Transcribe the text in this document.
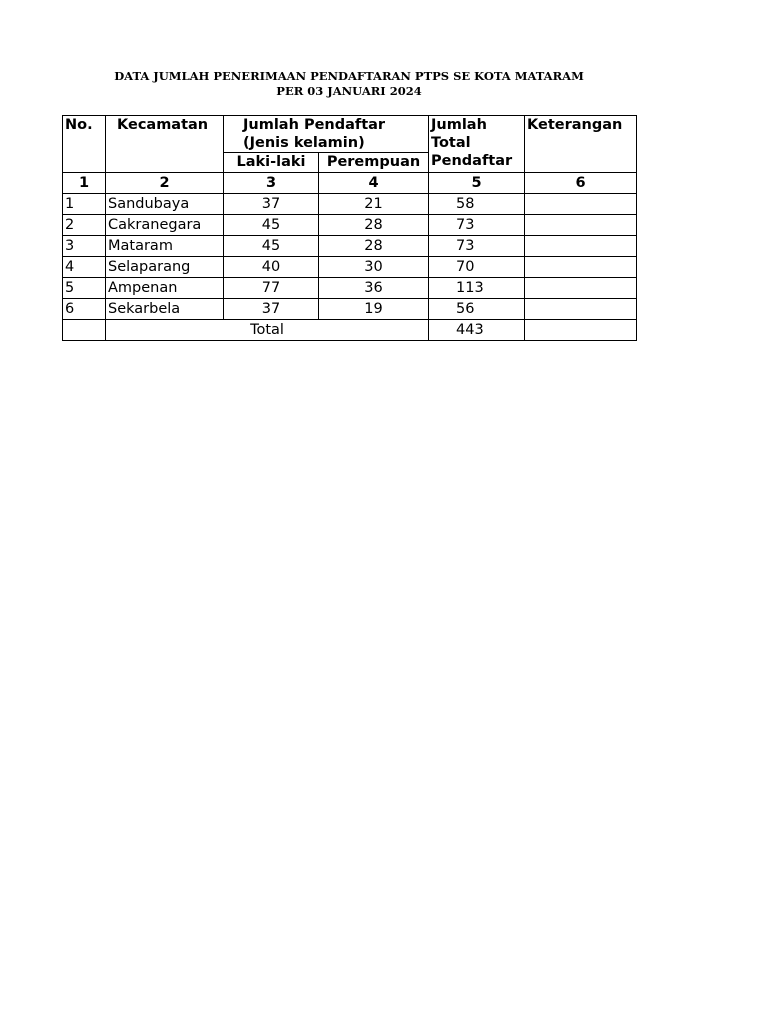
DATA JUMLAH PENERIMAAN PENDAFTARAN PTPS SE KOTA MATARAM
PER 03 JANUARI 2024
No.	Kecamatan	Jumlah Pendaftar (Jenis kelamin)		Jumlah Total Pendaftar	Keterangan
		Laki-laki	Perempuan		
1	2	3	4	5	6
1	Sandubaya	37	21	58	
2	Cakranegara	45	28	73	
3	Mataram	45	28	73	
4	Selaparang	40	30	70	
5	Ampenan	77	36	113	
6	Sekarbela	37	19	56	
	Total			443	
